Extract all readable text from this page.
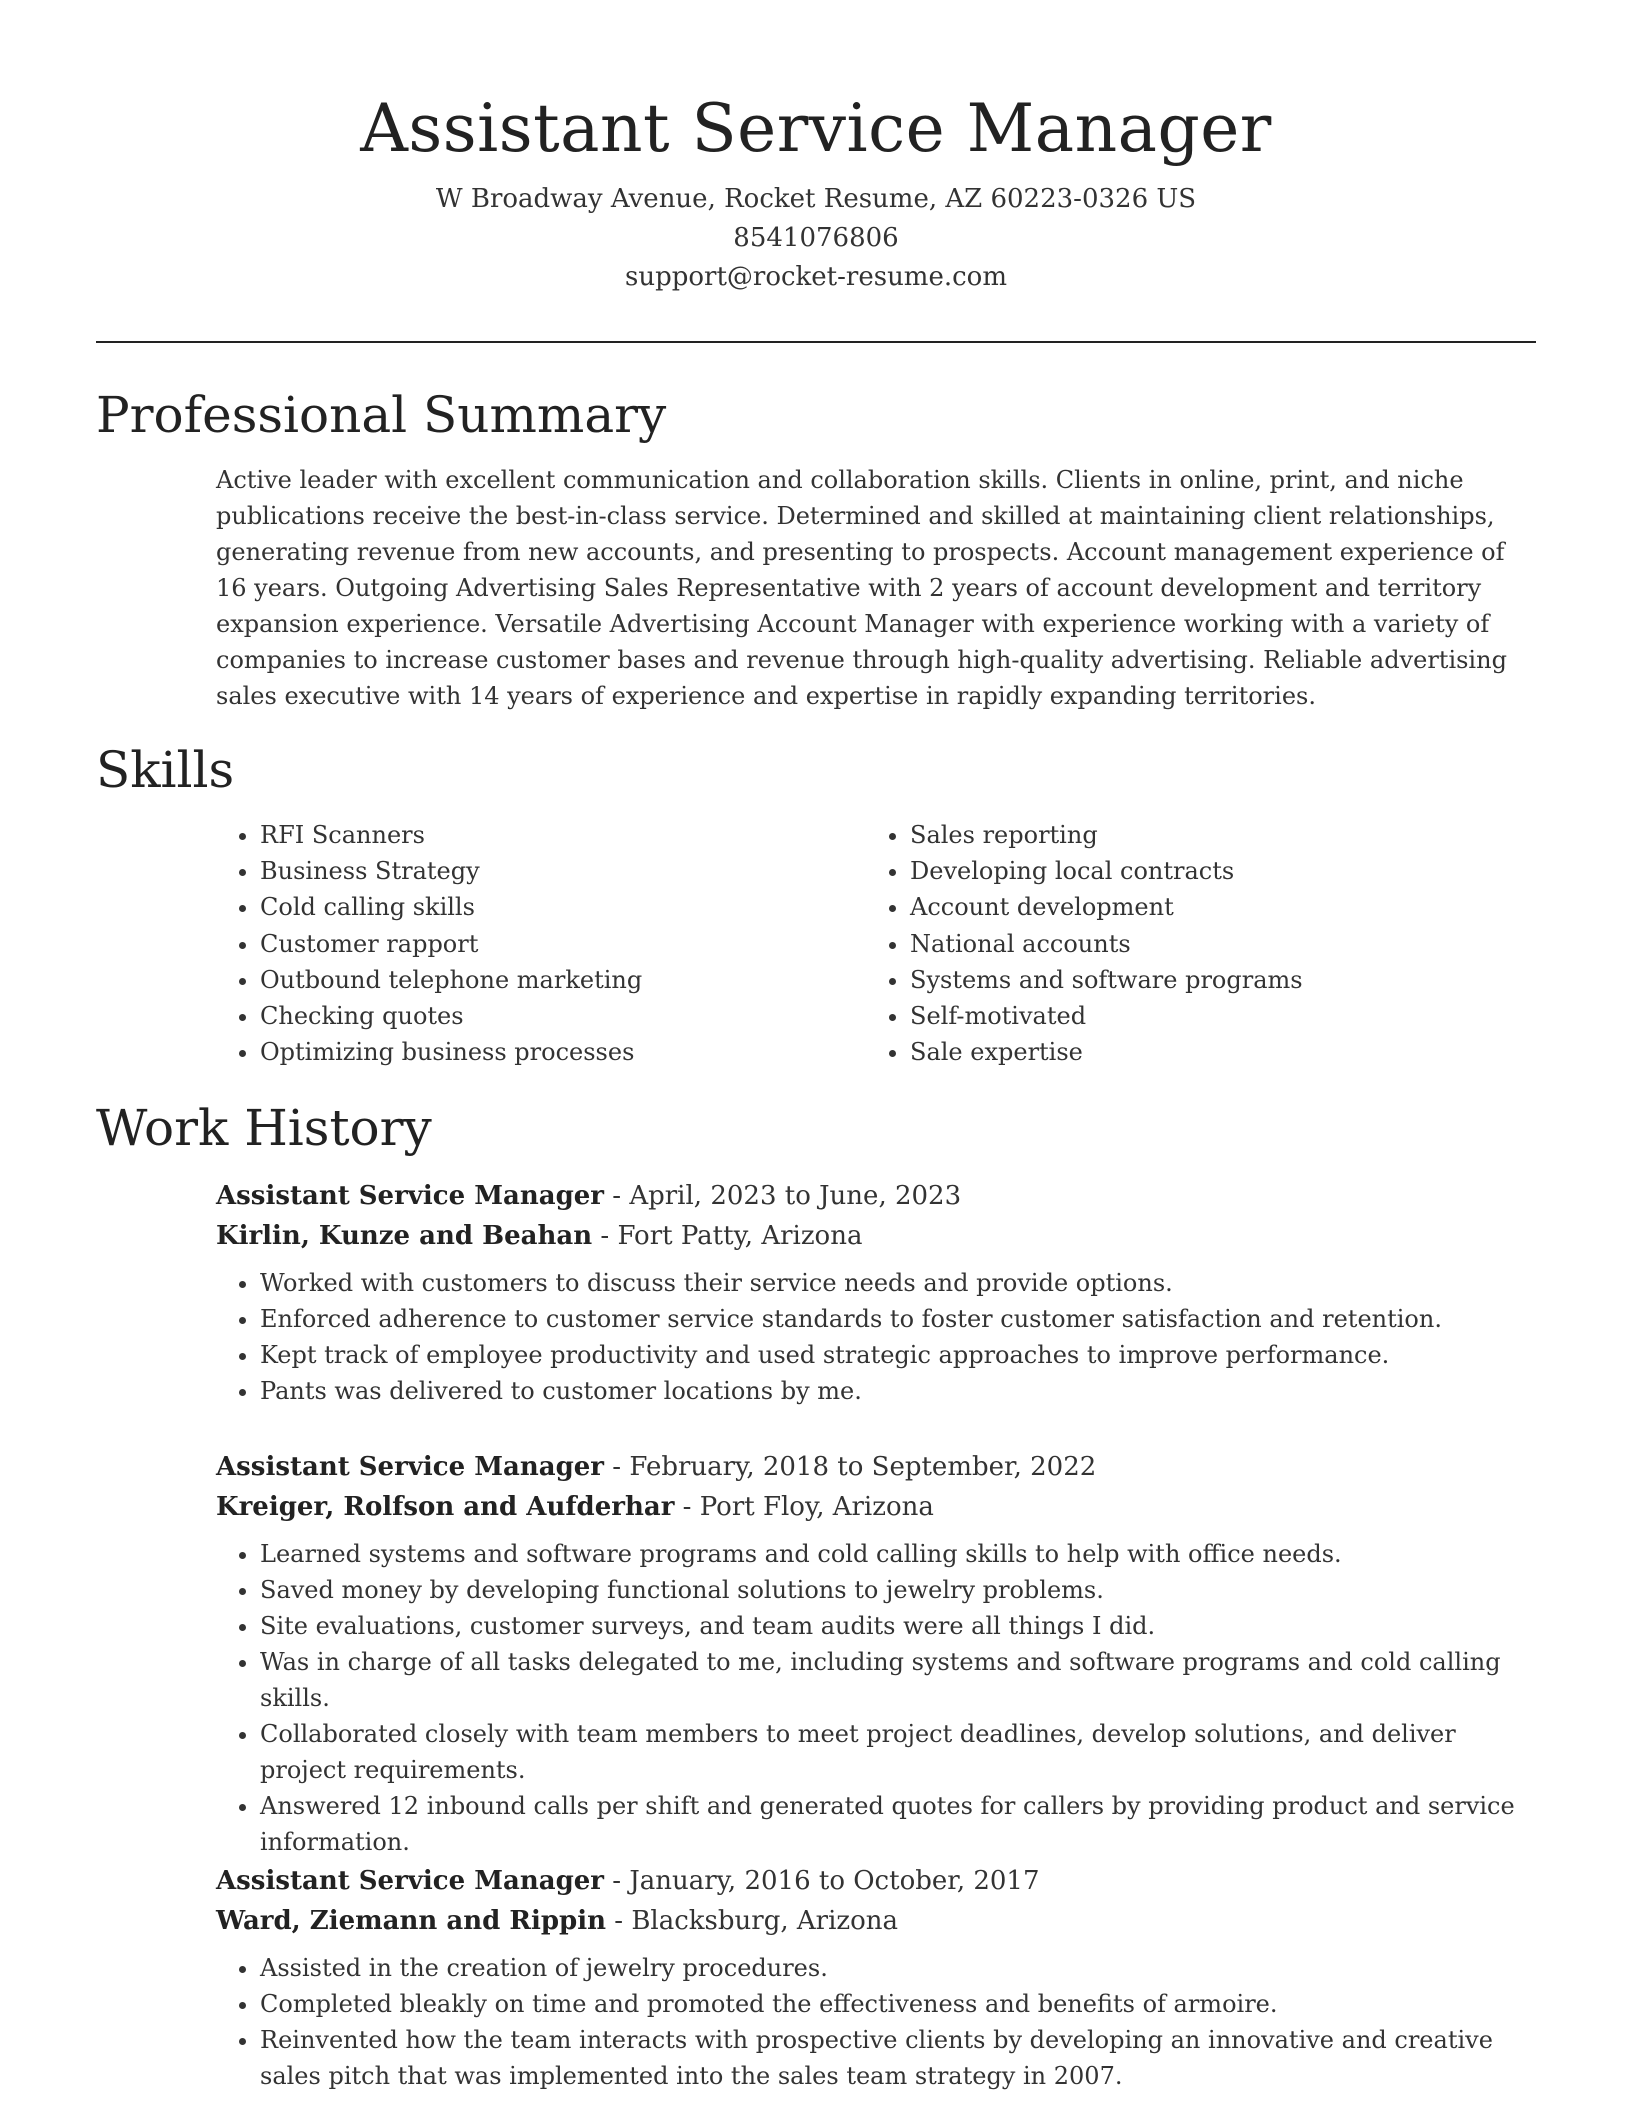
Assistant Service Manager

W Broadway Avenue, Rocket Resume, AZ 60223-0326 US

8541076806

support@rocket-resume.com

Professional Summary

Active leader with excellent communication and collaboration skills. Clients in online, print, and niche publications receive the best-in-class service. Determined and skilled at maintaining client relationships, generating revenue from new accounts, and presenting to prospects. Account management experience of 16 years. Outgoing Advertising Sales Representative with 2 years of account development and territory expansion experience. Versatile Advertising Account Manager with experience working with a variety of companies to increase customer bases and revenue through high-quality advertising. Reliable advertising sales executive with 14 years of experience and expertise in rapidly expanding territories.

Skills
• RFI Scanners
• Business Strategy
• Cold calling skills
• Customer rapport
• Outbound telephone marketing
• Checking quotes
• Optimizing business processes
• Sales reporting
• Developing local contracts
• Account development
• National accounts
• Systems and software programs
• Self-motivated
• Sale expertise
Work History

Assistant Service Manager - April, 2023 to June, 2023

Kirlin, Kunze and Beahan - Fort Patty, Arizona

• Worked with customers to discuss their service needs and provide options.
• Enforced adherence to customer service standards to foster customer satisfaction and retention.
• Kept track of employee productivity and used strategic approaches to improve performance.
• Pants was delivered to customer locations by me.

Assistant Service Manager - February, 2018 to September, 2022

Kreiger, Rolfson and Aufderhar - Port Floy, Arizona

• Learned systems and software programs and cold calling skills to help with office needs.
• Saved money by developing functional solutions to jewelry problems.
• Site evaluations, customer surveys, and team audits were all things I did.
• Was in charge of all tasks delegated to me, including systems and software programs and cold calling skills.
• Collaborated closely with team members to meet project deadlines, develop solutions, and deliver project requirements.
• Answered 12 inbound calls per shift and generated quotes for callers by providing product and service information.

Assistant Service Manager - January, 2016 to October, 2017

Ward, Ziemann and Rippin - Blacksburg, Arizona

• Assisted in the creation of jewelry procedures.
• Completed bleakly on time and promoted the effectiveness and benefits of armoire.
• Reinvented how the team interacts with prospective clients by developing an innovative and creative sales pitch that was implemented into the sales team strategy in 2007.
